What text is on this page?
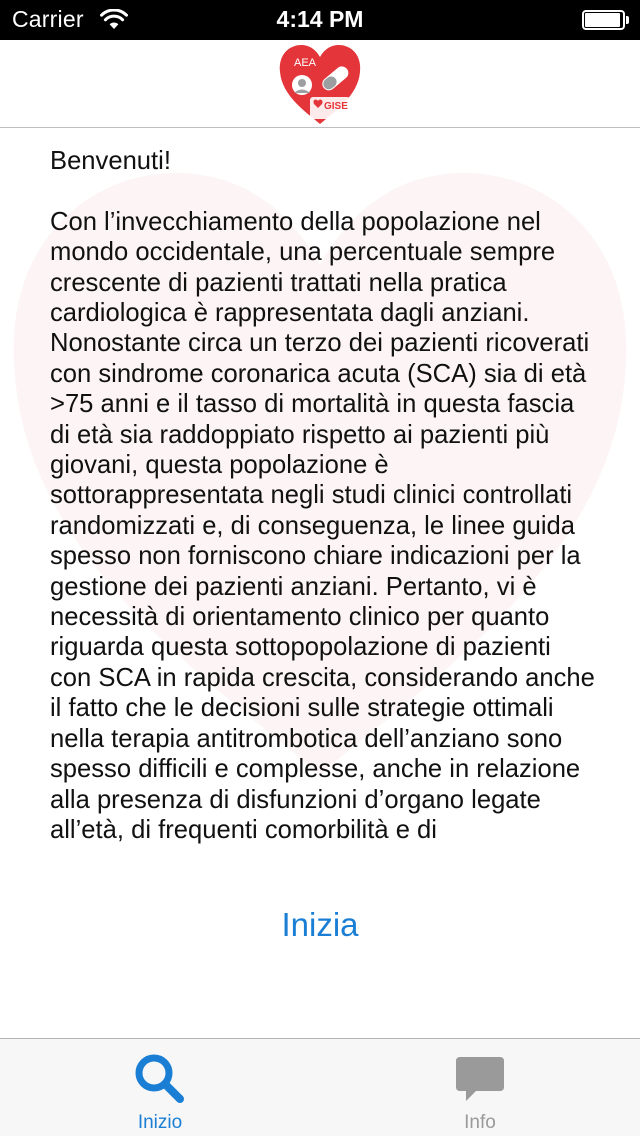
Carrier	4:14 PM
AEA
GISE

Benvenuti!

Con l’invecchiamento della popolazione nel mondo occidentale, una percentuale sempre crescente di pazienti trattati nella pratica cardiologica è rappresentata dagli anziani. Nonostante circa un terzo dei pazienti ricoverati con sindrome coronarica acuta (SCA) sia di età >75 anni e il tasso di mortalità in questa fascia di età sia raddoppiato rispetto ai pazienti più giovani, questa popolazione è sottorappresentata negli studi clinici controllati randomizzati e, di conseguenza, le linee guida spesso non forniscono chiare indicazioni per la gestione dei pazienti anziani. Pertanto, vi è necessità di orientamento clinico per quanto riguarda questa sottopopolazione di pazienti con SCA in rapida crescita, considerando anche il fatto che le decisioni sulle strategie ottimali nella terapia antitrombotica dell’anziano sono spesso difficili e complesse, anche in relazione alla presenza di disfunzioni d’organo legate all’età, di frequenti comorbilità e di

Inizia
Inizio	Info
